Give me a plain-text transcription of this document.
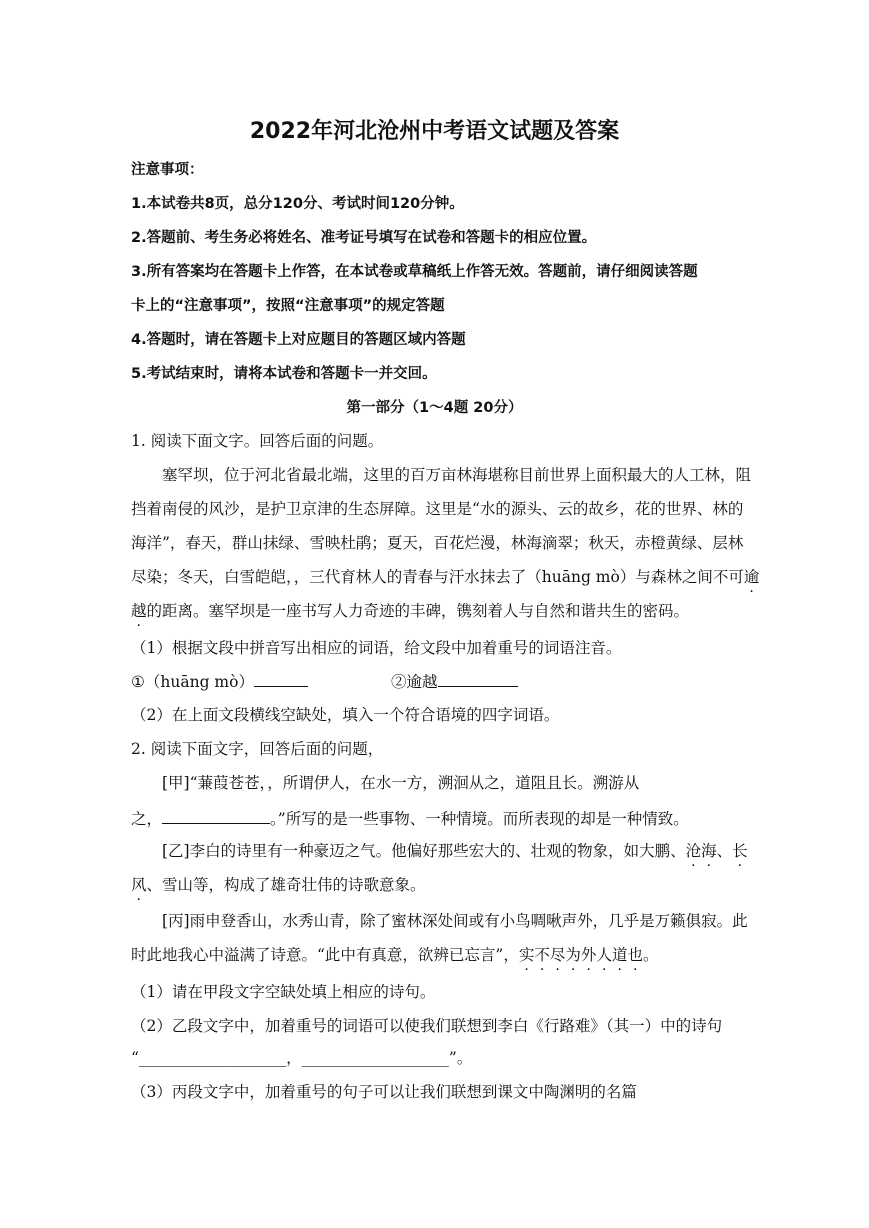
2022年河北沧州中考语文试题及答案
注意事项：
1.本试卷共8页，总分120分、考试时间120分钟。
2.答题前、考生务必将姓名、准考证号填写在试卷和答题卡的相应位置。
3.所有答案均在答题卡上作答，在本试卷或草稿纸上作答无效。答题前，请仔细阅读答题
卡上的“注意事项”，按照“注意事项”的规定答题
4.答题时，请在答题卡上对应题目的答题区域内答题
5.考试结束时，请将本试卷和答题卡一并交回。
第一部分（1～4题 20分）
1. 阅读下面文字。回答后面的问题。
塞罕坝，位于河北省最北端，这里的百万亩林海堪称目前世界上面积最大的人工林，阻
挡着南侵的风沙，是护卫京津的生态屏障。这里是“水的源头、云的故乡，花的世界、林的
海洋”，春天，群山抹绿、雪映杜鹃；夏天，百花烂漫，林海滴翠；秋天，赤橙黄绿、层林
尽染；冬天，白雪皑皑，，三代育林人的青春与汗水抹去了（huāng mò）与森林之间不可逾
越的距离。塞罕坝是一座书写人力奇迹的丰碑，镌刻着人与自然和谐共生的密码。
（1）根据文段中拼音写出相应的词语，给文段中加着重号的词语注音。
①（huāng mò）	②逾越
（2）在上面文段横线空缺处，填入一个符合语境的四字词语。
2. 阅读下面文字，回答后面的问题，
[甲]“蒹葭苍苍，，所谓伊人，在水一方，溯洄从之，道阻且长。溯游从
之，	。”所写的是一些事物、一种情境。而所表现的却是一种情致。
[乙]李白的诗里有一种豪迈之气。他偏好那些宏大的、壮观的物象，如大鹏、沧海、长
风、雪山等，构成了雄奇壮伟的诗歌意象。
[丙]雨申登香山，水秀山青，除了蜜林深处间或有小鸟啁啾声外，几乎是万籁俱寂。此
时此地我心中溢满了诗意。“此中有真意，欲辨已忘言”，实不尽为外人道也。
（1）请在甲段文字空缺处填上相应的诗句。
（2）乙段文字中，加着重号的词语可以使我们联想到李白《行路难》（其一）中的诗句
“___________________，___________________”。
（3）丙段文字中，加着重号的句子可以让我们联想到课文中陶渊明的名篇
